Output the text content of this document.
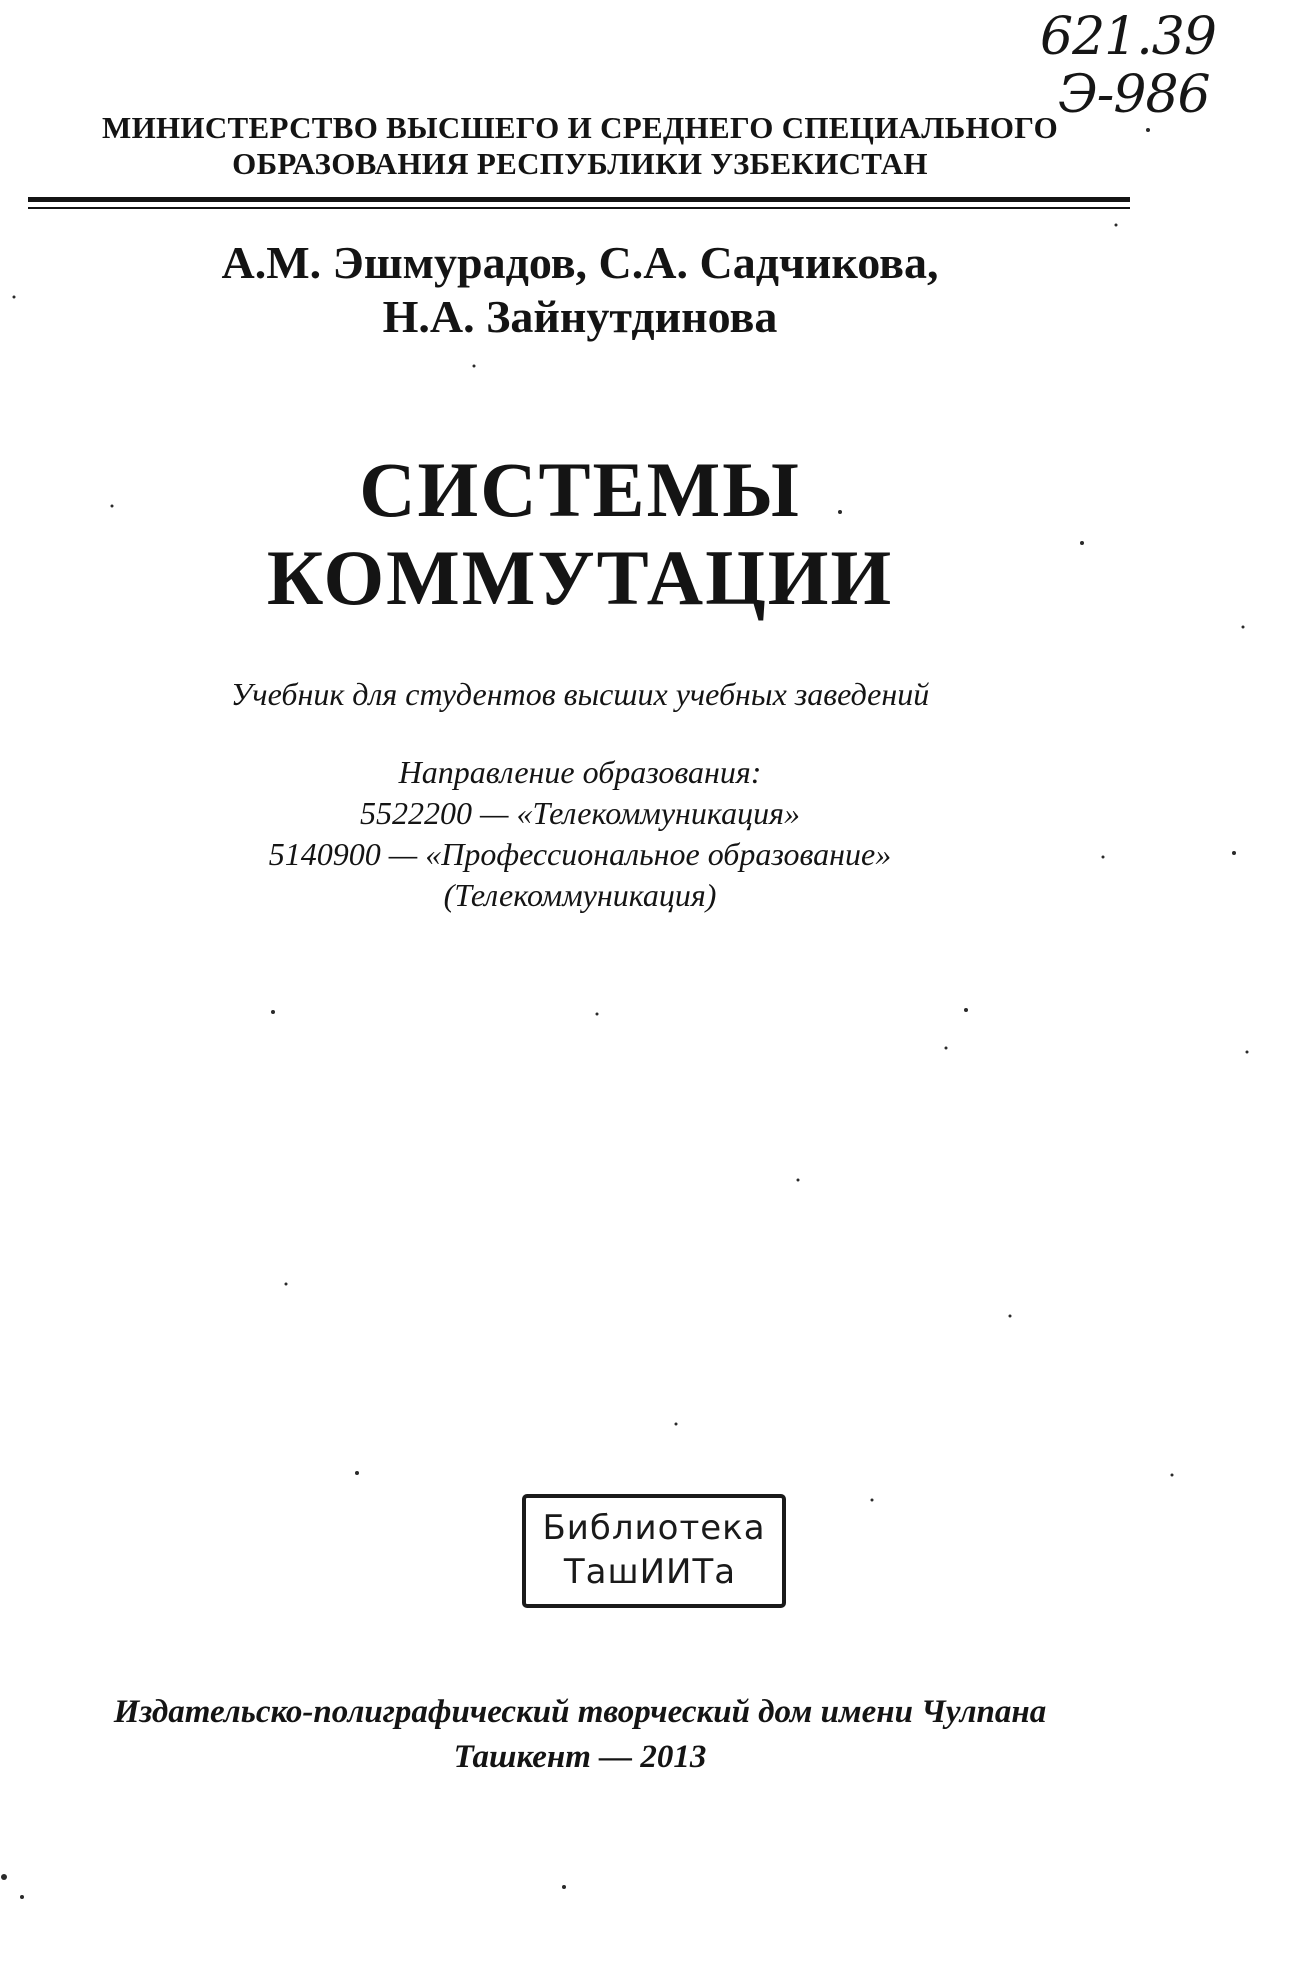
621.39
Э-986
МИНИСТЕРСТВО ВЫСШЕГО И СРЕДНЕГО СПЕЦИАЛЬНОГО
ОБРАЗОВАНИЯ РЕСПУБЛИКИ УЗБЕКИСТАН
А.М. Эшмурадов, С.А. Садчикова,
Н.А. Зайнутдинова
СИСТЕМЫ
КОММУТАЦИИ
Учебник для студентов высших учебных заведений
Направление образования:
5522200 — «Телекоммуникация»
5140900 — «Профессиональное образование»
(Телекоммуникация)
Библиотека
ТашИИТа
Издательско-полиграфический творческий дом имени Чулпана
Ташкент — 2013
